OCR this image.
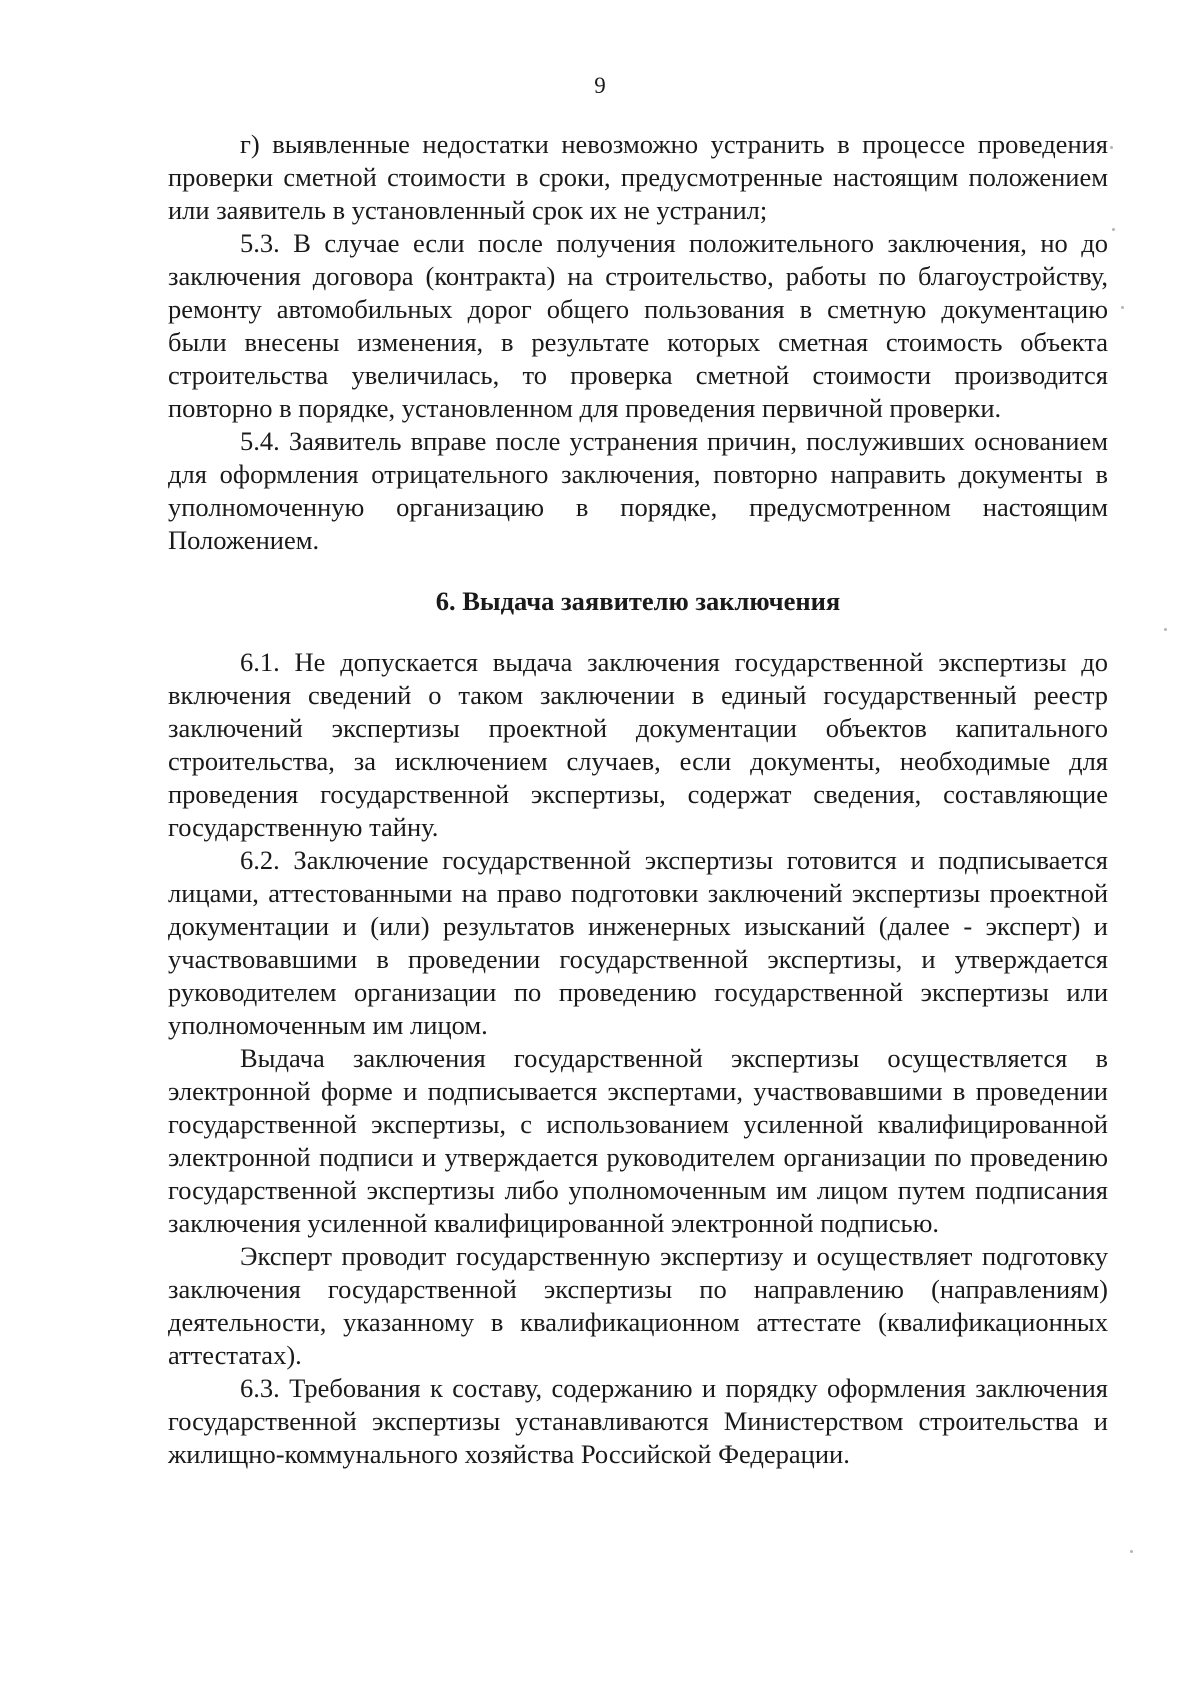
9

г) выявленные недостатки невозможно устранить в процессе проведения проверки сметной стоимости в сроки, предусмотренные настоящим положением или заявитель в установленный срок их не устранил;

5.3. В случае если после получения положительного заключения, но до заключения договора (контракта) на строительство, работы по благоустройству, ремонту автомобильных дорог общего пользования в сметную документацию были внесены изменения, в результате которых сметная стоимость объекта строительства увеличилась, то проверка сметной стоимости производится повторно в порядке, установленном для проведения первичной проверки.

5.4. Заявитель вправе после устранения причин, послуживших основанием для оформления отрицательного заключения, повторно направить документы в уполномоченную организацию в порядке, предусмотренном настоящим Положением.

6. Выдача заявителю заключения

6.1. Не допускается выдача заключения государственной экспертизы до включения сведений о таком заключении в единый государственный реестр заключений экспертизы проектной документации объектов капитального строительства, за исключением случаев, если документы, необходимые для проведения государственной экспертизы, содержат сведения, составляющие государственную тайну.

6.2. Заключение государственной экспертизы готовится и подписывается лицами, аттестованными на право подготовки заключений экспертизы проектной документации и (или) результатов инженерных изысканий (далее - эксперт) и участвовавшими в проведении государственной экспертизы, и утверждается руководителем организации по проведению государственной экспертизы или уполномоченным им лицом.

Выдача заключения государственной экспертизы осуществляется в электронной форме и подписывается экспертами, участвовавшими в проведении государственной экспертизы, с использованием усиленной квалифицированной электронной подписи и утверждается руководителем организации по проведению государственной экспертизы либо уполномоченным им лицом путем подписания заключения усиленной квалифицированной электронной подписью.

Эксперт проводит государственную экспертизу и осуществляет подготовку заключения государственной экспертизы по направлению (направлениям) деятельности, указанному в квалификационном аттестате (квалификационных аттестатах).

6.3. Требования к составу, содержанию и порядку оформления заключения государственной экспертизы устанавливаются Министерством строительства и жилищно-коммунального хозяйства Российской Федерации.
